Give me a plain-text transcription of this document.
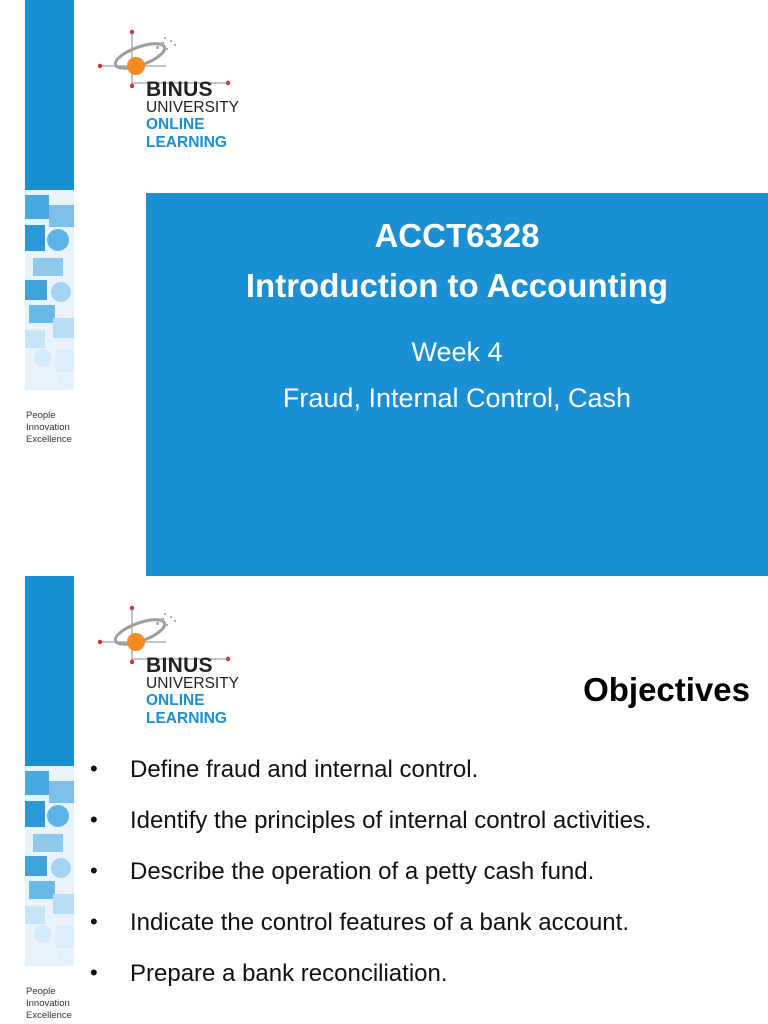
People
Innovation
Excellence
BINUS
UNIVERSITY
ONLINE
LEARNING
ACCT6328
Introduction to Accounting
Week 4
Fraud, Internal Control, Cash
People
Innovation
Excellence
BINUS
UNIVERSITY
ONLINE
LEARNING
Objectives
• Define fraud and internal control.
• Identify the principles of internal control activities.
• Describe the operation of a petty cash fund.
• Indicate the control features of a bank account.
• Prepare a bank reconciliation.
